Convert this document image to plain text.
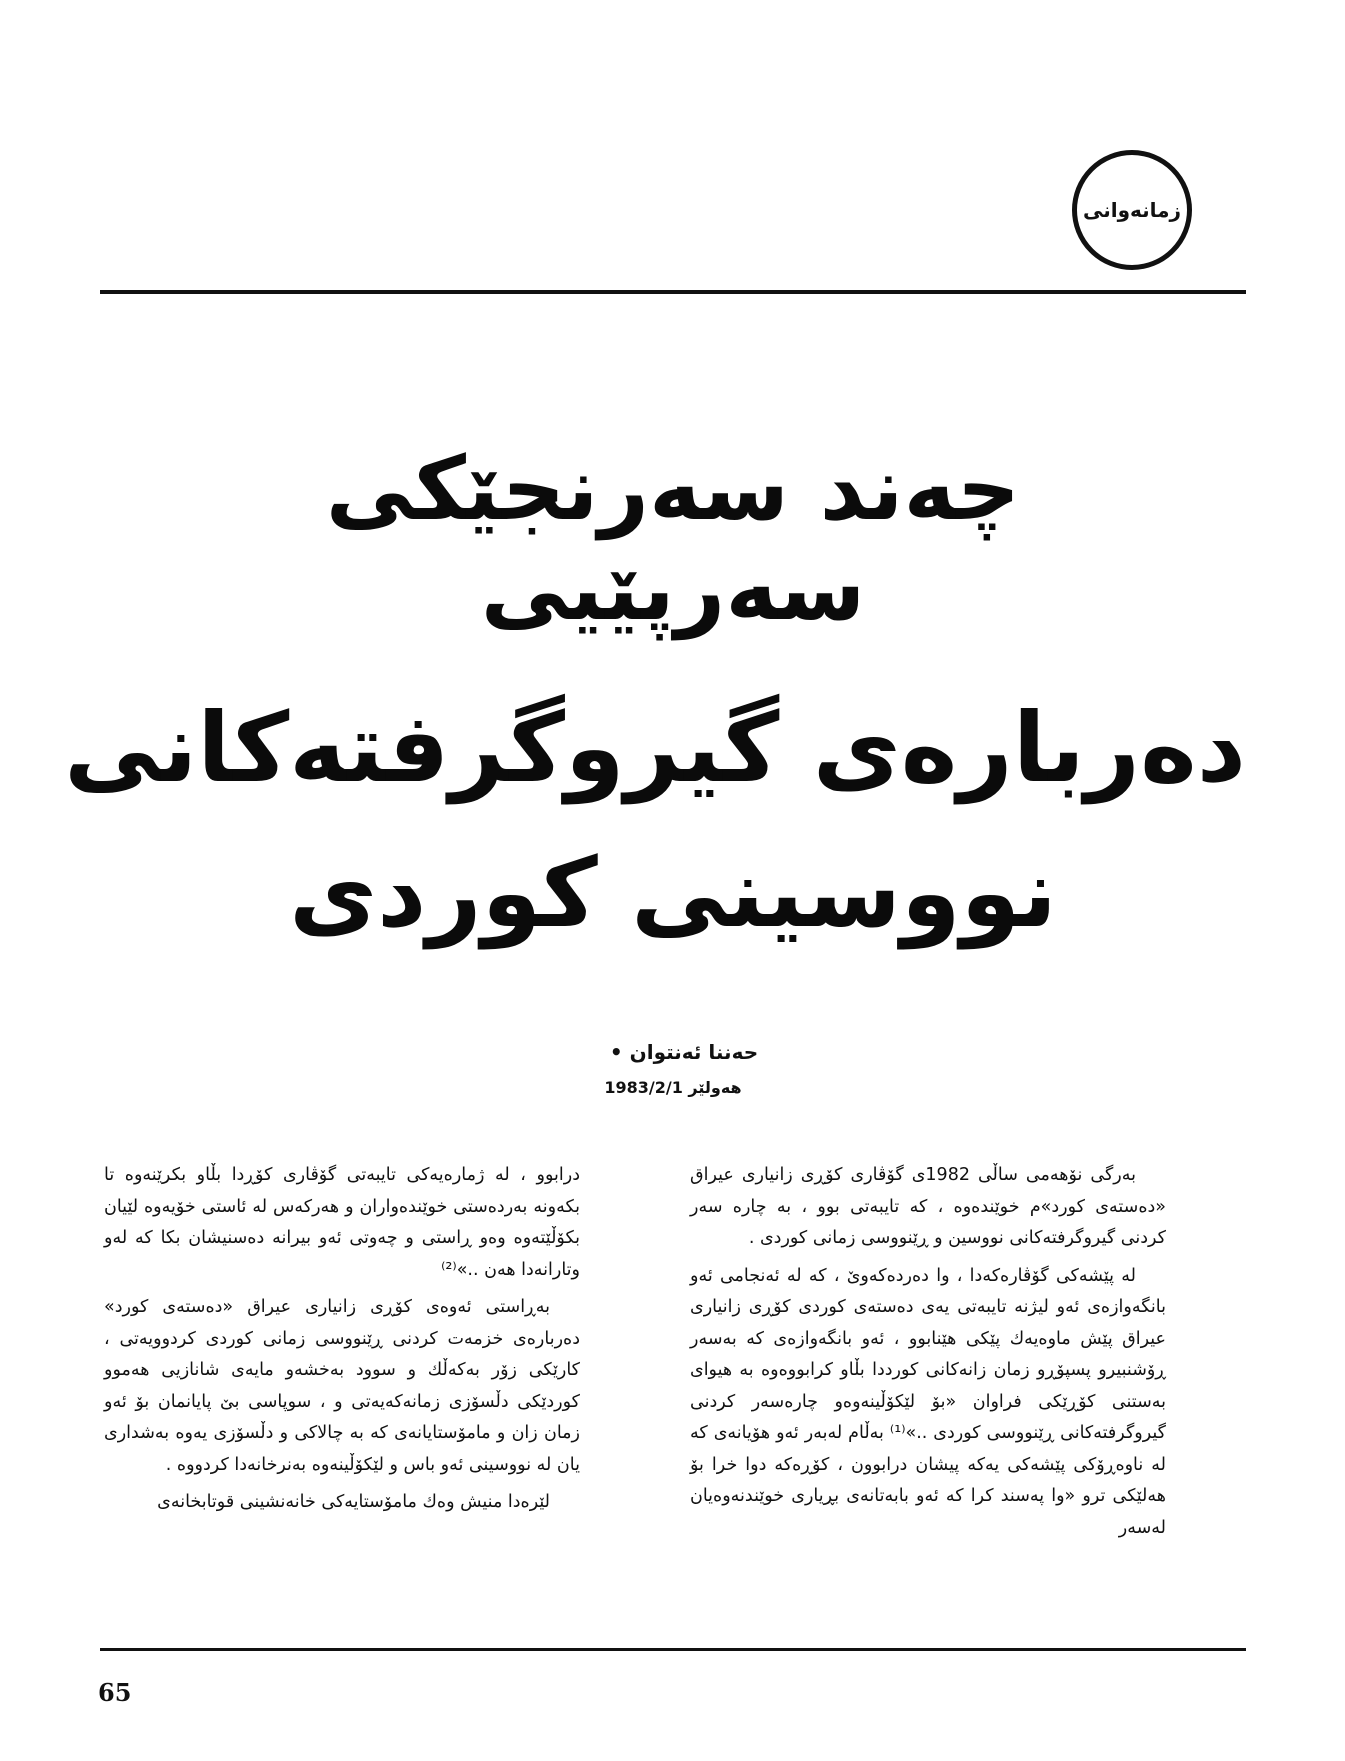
زمانەوانی
چەند سەرنجێكی
سەرپێیی
دەربارەی گیروگرفتەكانی
نووسینی كوردی
حەننا ئەنتوان •
هەولێر 1983/2/1

بەرگی نۆهەمی ساڵی 1982ی گۆڤاری كۆڕی زانیاری عیراق «دەستەی كورد»م خوێندەوە ، كە تایبەتی بوو ، بە چارە سەر كردنی گیروگرفتەكانی نووسین و ڕێنووسی زمانی كوردی .

لە پێشەكی گۆڤارەكەدا ، وا دەردەكەوێ ، كە لە ئەنجامی ئەو بانگەوازەی ئەو لیژنە تایبەتی یەی دەستەی كوردی كۆڕی زانیاری عیراق پێش ماوەیەك پێكی هێنابوو ، ئەو بانگەوازەی كە بەسەر ڕۆشنبیرو پسپۆڕو زمان زانەكانی كورددا بڵاو كرابووەوە بە هیوای بەستنی كۆڕێكی فراوان «بۆ لێكۆڵینەوەو چارەسەر كردنی گیروگرفتەكانی ڕێنووسی كوردی ..»⁽¹⁾ بەڵام لەبەر ئەو هۆیانەی كە لە ناوەڕۆكی پێشەكی یەكە پیشان درابوون ، كۆڕەكە دوا خرا بۆ هەلێكی ترو «وا پەسند كرا كە ئەو بابەتانەی بڕیاری خوێندنەوەیان لەسەر

درابوو ، لە ژمارەیەكی تایبەتی گۆڤاری كۆڕدا بڵاو بكرێنەوە تا بكەونە بەردەستی خوێندەواران و هەركەس لە ئاستی خۆیەوە لێیان بكۆڵێتەوە وەو ڕاستی و چەوتی ئەو بیرانە دەسنیشان بكا كە لەو وتارانەدا هەن ..»⁽²⁾

بەڕاستی ئەوەی كۆڕی زانیاری عیراق «دەستەی كورد» دەربارەی خزمەت كردنی ڕێنووسی زمانی كوردی كردوویەتی ، كارێكی زۆر بەكەڵك و سوود بەخشەو مایەی شانازیی هەموو كوردێكی دڵسۆزی زمانەكەیەتی و ، سوپاسی بێ پایانمان بۆ ئەو زمان زان و مامۆستایانەی كە بە چالاكی و دڵسۆزی یەوە بەشداری یان لە نووسینی ئەو باس و لێكۆڵینەوە بەنرخانەدا كردووە .

لێرەدا منیش وەك مامۆستایەكی خانەنشینی قوتابخانەی

65
